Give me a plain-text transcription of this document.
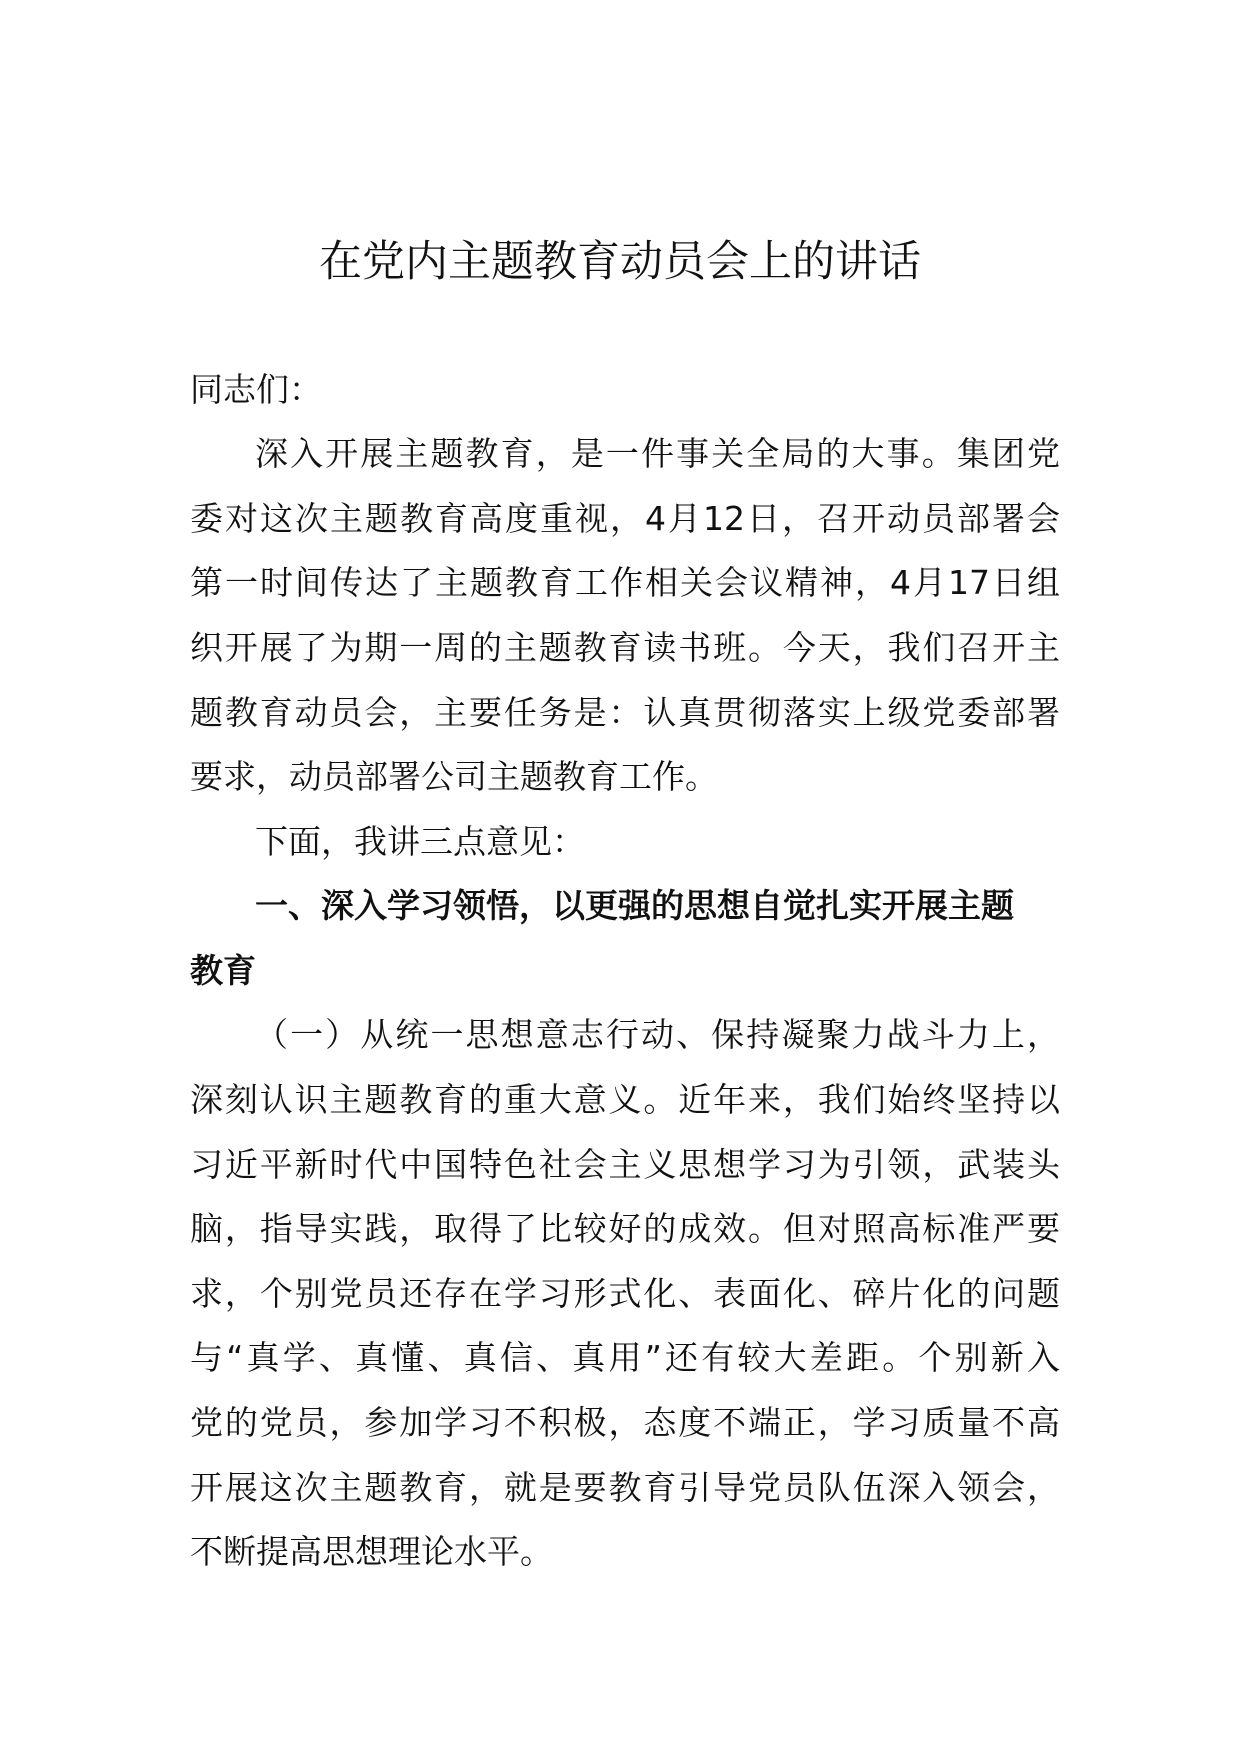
在党内主题教育动员会上的讲话

同志们：

深入开展主题教育，是一件事关全局的大事。集团党

委对这次主题教育高度重视，4月12日，召开动员部署会

第一时间传达了主题教育工作相关会议精神，4月17日组

织开展了为期一周的主题教育读书班。今天，我们召开主

题教育动员会，主要任务是：认真贯彻落实上级党委部署

要求，动员部署公司主题教育工作。

下面，我讲三点意见：

一、深入学习领悟，以更强的思想自觉扎实开展主题

教育

（一）从统一思想意志行动、保持凝聚力战斗力上，

深刻认识主题教育的重大意义。近年来，我们始终坚持以

习近平新时代中国特色社会主义思想学习为引领，武装头

脑，指导实践，取得了比较好的成效。但对照高标准严要

求，个别党员还存在学习形式化、表面化、碎片化的问题

与“真学、真懂、真信、真用”还有较大差距。个别新入

党的党员，参加学习不积极，态度不端正，学习质量不高

开展这次主题教育，就是要教育引导党员队伍深入领会，

不断提高思想理论水平。
